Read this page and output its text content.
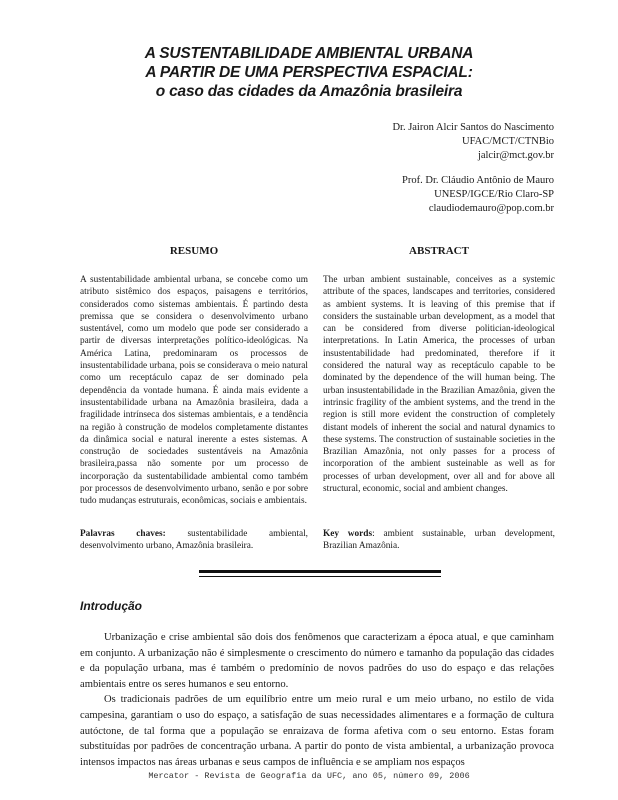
A SUSTENTABILIDADE AMBIENTAL URBANA
A PARTIR DE UMA PERSPECTIVA ESPACIAL:
o caso das cidades da Amazônia brasileira
Dr. Jairon Alcir Santos do Nascimento
UFAC/MCT/CTNBio
jalcir@mct.gov.br
Prof. Dr. Cláudio Antônio de Mauro
UNESP/IGCE/Rio Claro-SP
claudiodemauro@pop.com.br
RESUMO	ABSTRACT
A sustentabilidade ambiental urbana, se concebe como um atributo sistêmico dos espaços, paisagens e territórios, considerados como sistemas ambientais. É partindo desta premissa que se considera o desenvolvimento urbano sustentável, como um modelo que pode ser considerado a partir de diversas interpretações político-ideológicas. Na América Latina, predominaram os processos de insustentabilidade urbana, pois se considerava o meio natural como um receptáculo capaz de ser dominado pela dependência da vontade humana. É ainda mais evidente a insustentabilidade urbana na Amazônia brasileira, dada a fragilidade intrínseca dos sistemas ambientais, e a tendência na região à construção de modelos completamente distantes da dinâmica social e natural inerente a estes sistemas. A construção de sociedades sustentáveis na Amazônia brasileira,passa não somente por um processo de incorporação da sustentabilidade ambiental como também por processos de desenvolvimento urbano, senão e por sobre tudo mudanças estruturais, econômicas, sociais e ambientais.
The urban ambient sustainable, conceives as a systemic attribute of the spaces, landscapes and territories, considered as ambient systems. It is leaving of this premise that if considers the sustainable urban development, as a model that can be considered from diverse politician-ideological interpretations. In Latin America, the processes of urban insustentabilidade had predominated, therefore if it considered the natural way as receptáculo capable to be dominated by the dependence of the will human being. The urban insustentabilidade in the Brazilian Amazônia, given the intrinsic fragility of the ambient systems, and the trend in the region is still more evident the construction of completely distant models of inherent the social and natural dynamics to these systems. The construction of sustainable societies in the Brazilian Amazônia, not only passes for a process of incorporation of the ambient susteinable as well as for processes of urban development, over all and for above all structural, economic, social and ambient changes.
Palavras chaves: sustentabilidade ambiental, desenvolvimento urbano, Amazônia brasileira.
Key words: ambient sustainable, urban development, Brazilian Amazônia.
Introdução

Urbanização e crise ambiental são dois dos fenômenos que caracterizam a época atual, e que caminham em conjunto. A urbanização não é simplesmente o crescimento do número e tamanho da população das cidades e da população urbana, mas é também o predomínio de novos padrões do uso do espaço e das relações ambientais entre os seres humanos e seu entorno.

Os tradicionais padrões de um equilíbrio entre um meio rural e um meio urbano, no estilo de vida campesina, garantiam o uso do espaço, a satisfação de suas necessidades alimentares e a formação de cultura autóctone, de tal forma que a população se enraizava de forma afetiva com o seu entorno. Estas foram substituídas por padrões de concentração urbana. A partir do ponto de vista ambiental, a urbanização provoca intensos impactos nas áreas urbanas e seus campos de influência e se ampliam nos espaços

Mercator - Revista de Geografia da UFC, ano 05, número 09, 2006
